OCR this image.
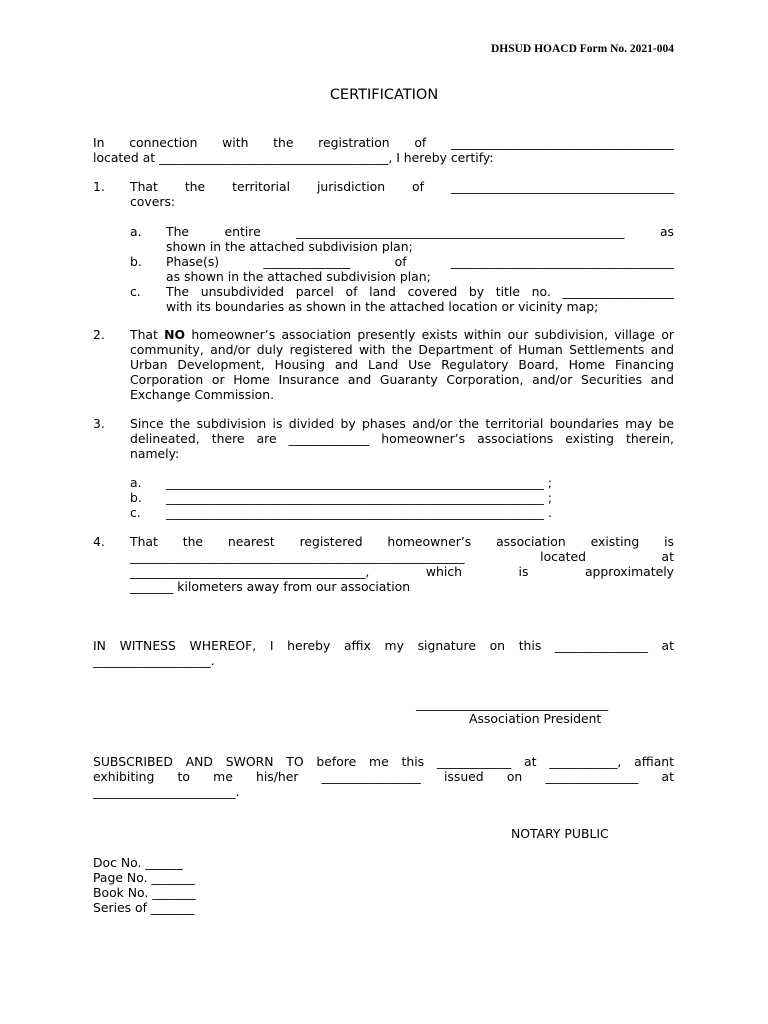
DHSUD HOACD Form No. 2021-004
CERTIFICATION
In connection with the registration of ____________________________________
located at _____________________________________, I hereby certify:
1. That the territorial jurisdiction of ____________________________________
covers:
a. The entire _____________________________________________________ as
shown in the attached subdivision plan;
b. Phase(s) ______________ of ____________________________________
as shown in the attached subdivision plan;
c. The unsubdivided parcel of land covered by title no. __________________
with its boundaries as shown in the attached location or vicinity map;
2. That NO homeowner’s association presently exists within our subdivision, village or
community, and/or duly registered with the Department of Human Settlements and
Urban Development, Housing and Land Use Regulatory Board, Home Financing
Corporation or Home Insurance and Guaranty Corporation, and/or Securities and
Exchange Commission.
3. Since the subdivision is divided by phases and/or the territorial boundaries may be
delineated, there are _____________ homeowner’s associations existing therein,
namely:
a. _____________________________________________________________ ;
b. _____________________________________________________________ ;
c. _____________________________________________________________ .
4. That the nearest registered homeowner’s association existing is
______________________________________________________ located at
______________________________________, which is approximately
_______ kilometers away from our association
IN WITNESS WHEREOF, I hereby affix my signature on this _______________ at
___________________.
_______________________________
Association President
SUBSCRIBED AND SWORN TO before me this ____________ at ___________, affiant
exhibiting to me his/her ________________ issued on _______________ at
_______________________.
NOTARY PUBLIC
Doc No. ______
Page No. _______
Book No. _______
Series of _______
